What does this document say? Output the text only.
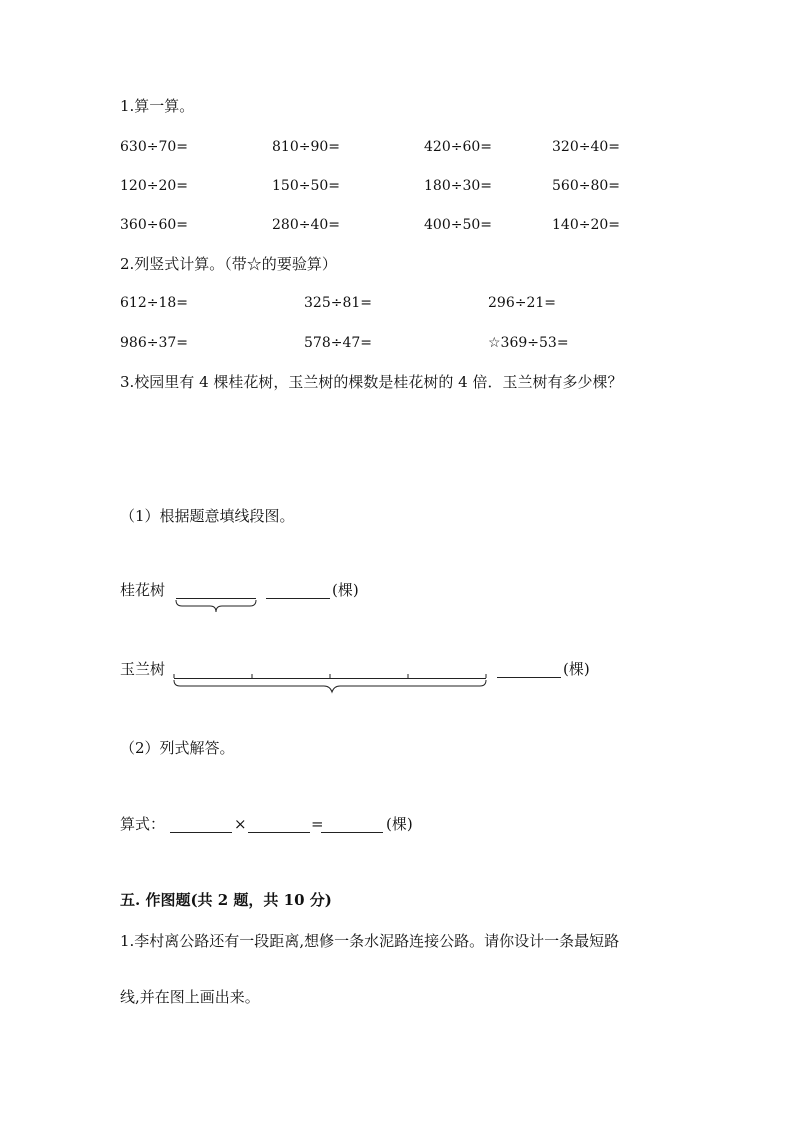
1.算一算。
630÷70=	810÷90=	420÷60=	320÷40=
120÷20=	150÷50=	180÷30=	560÷80=
360÷60=	280÷40=	400÷50=	140÷20=
2.列竖式计算。（带☆的要验算）
612÷18=	325÷81=	296÷21=
986÷37=	578÷47=	☆369÷53=
3.校园里有 4 棵桂花树，玉兰树的棵数是桂花树的 4 倍．玉兰树有多少棵？
（1）根据题意填线段图。
桂花树	(棵)
玉兰树	(棵)
（2）列式解答。
算式：	×	=	(棵)
五. 作图题(共 2 题，共 10 分)
1.李村离公路还有一段距离,想修一条水泥路连接公路。请你设计一条最短路
线,并在图上画出来。
